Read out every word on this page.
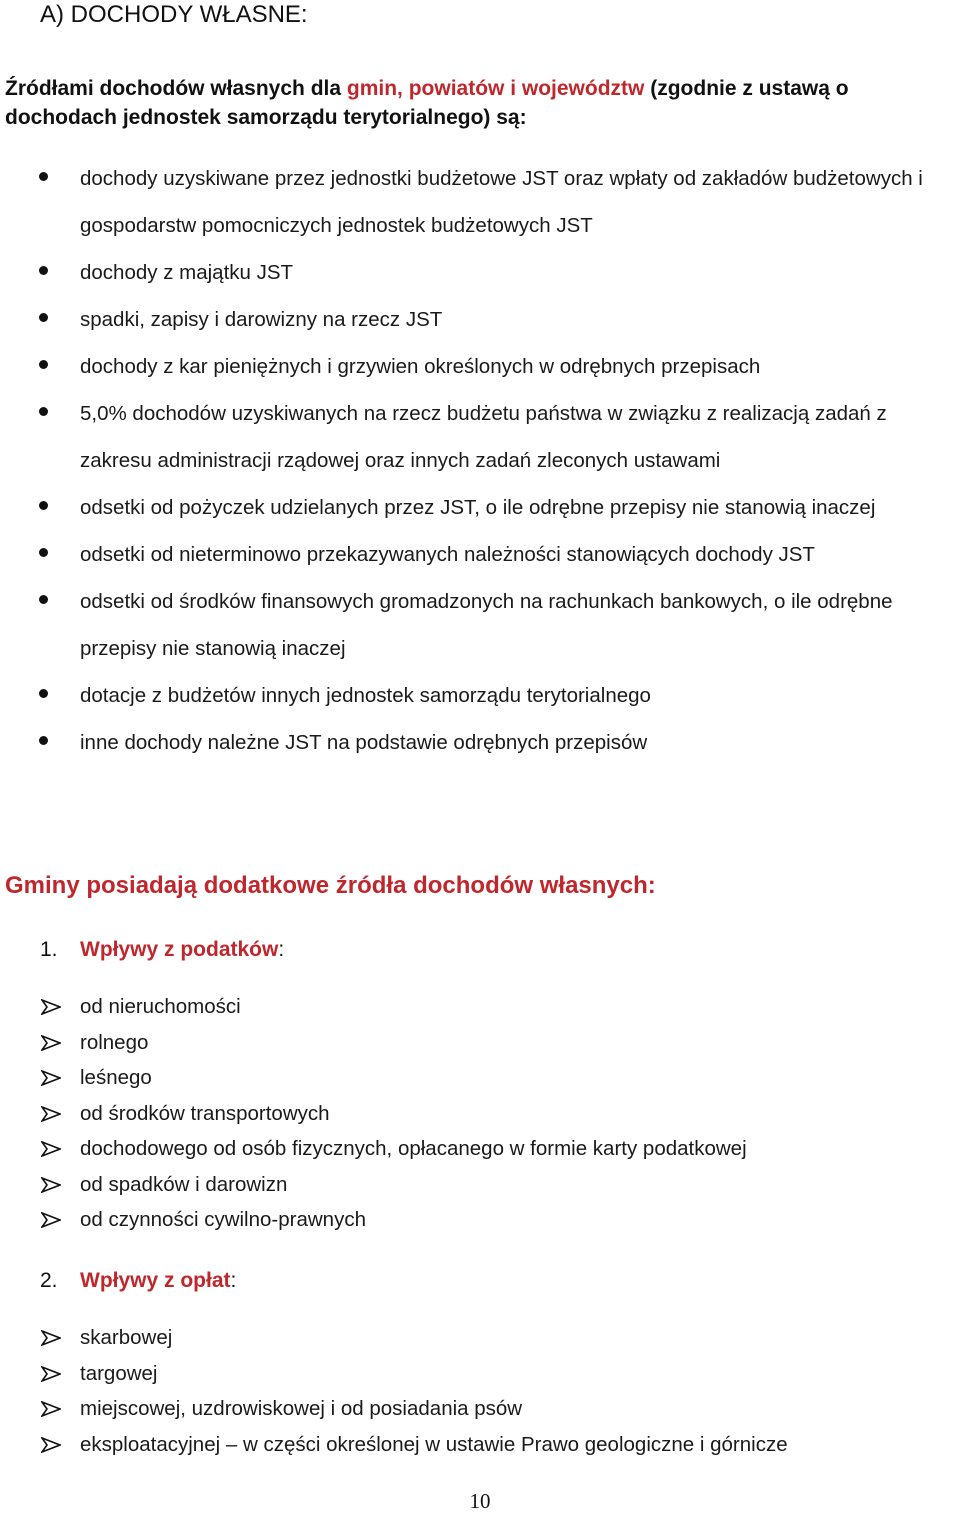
A) DOCHODY WŁASNE:

Źródłami dochodów własnych dla gmin, powiatów i województw (zgodnie z ustawą o dochodach jednostek samorządu terytorialnego) są:

dochody uzyskiwane przez jednostki budżetowe JST oraz wpłaty od zakładów budżetowych i gospodarstw pomocniczych jednostek budżetowych JST
dochody z majątku JST
spadki, zapisy i darowizny na rzecz JST
dochody z kar pieniężnych i grzywien określonych w odrębnych przepisach
5,0% dochodów uzyskiwanych na rzecz budżetu państwa w związku z realizacją zadań z zakresu administracji rządowej oraz innych zadań zleconych ustawami
odsetki od pożyczek udzielanych przez JST, o ile odrębne przepisy nie stanowią inaczej
odsetki od nieterminowo przekazywanych należności stanowiących dochody JST
odsetki od środków finansowych gromadzonych na rachunkach bankowych, o ile odrębne przepisy nie stanowią inaczej
dotacje z budżetów innych jednostek samorządu terytorialnego
inne dochody należne JST na podstawie odrębnych przepisów
Gminy posiadają dodatkowe źródła dochodów własnych:
1. Wpływy z podatków:
od nieruchomości
rolnego
leśnego
od środków transportowych
dochodowego od osób fizycznych, opłacanego w formie karty podatkowej
od spadków i darowizn
od czynności cywilno-prawnych
2. Wpływy z opłat:
skarbowej
targowej
miejscowej, uzdrowiskowej i od posiadania psów
eksploatacyjnej – w części określonej w ustawie Prawo geologiczne i górnicze
10
